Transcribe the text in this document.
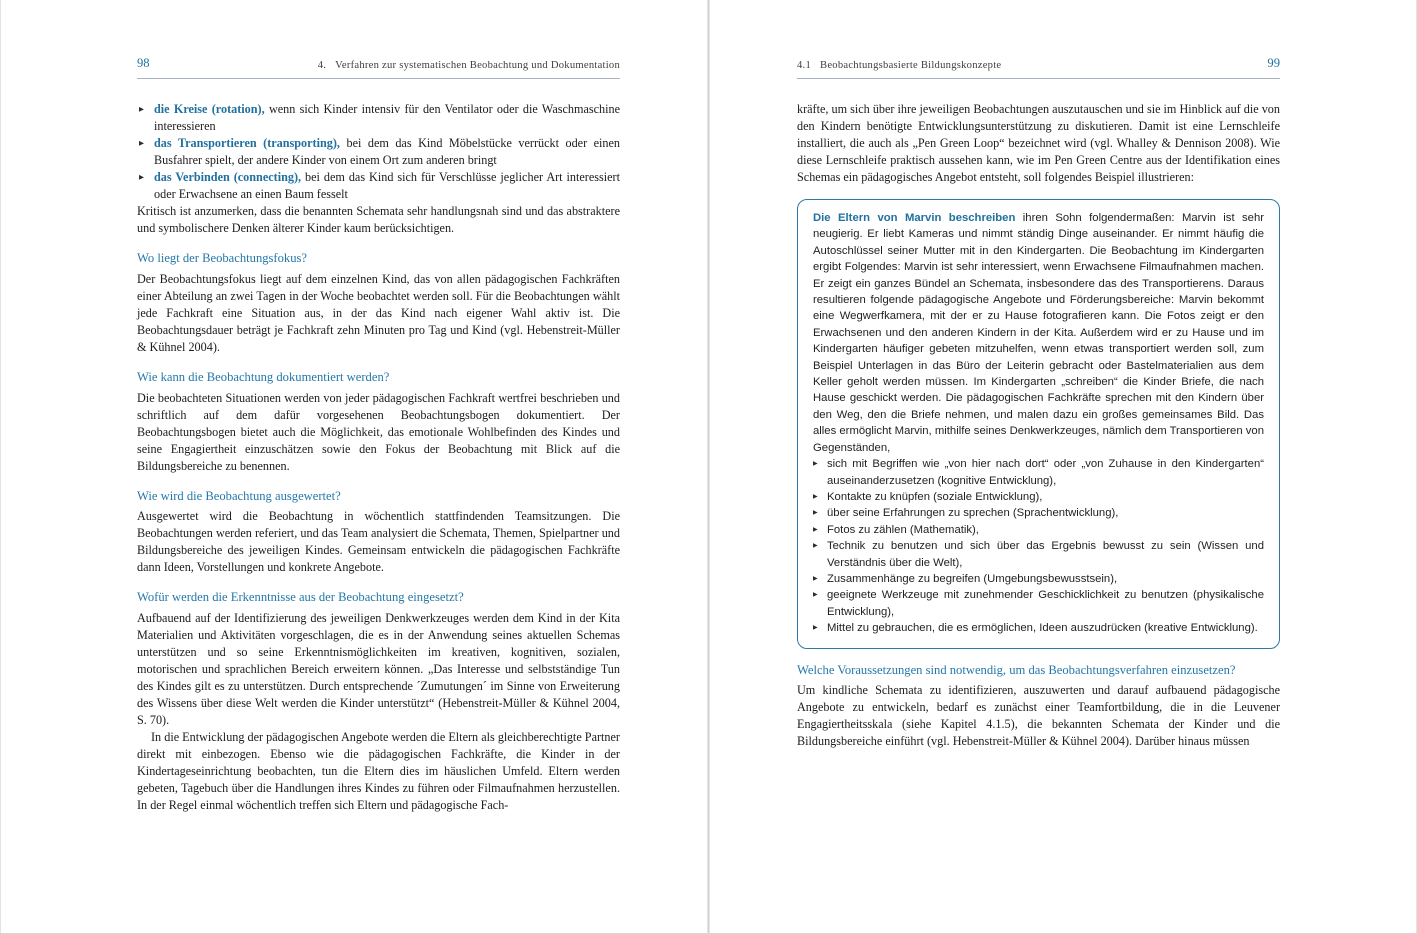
98	4. Verfahren zur systematischen Beobachtung und Dokumentation
▶ die Kreise (rotation), wenn sich Kinder intensiv für den Ventilator oder die Waschmaschine interessieren
▶ das Transportieren (transporting), bei dem das Kind Möbelstücke verrückt oder einen Busfahrer spielt, der andere Kinder von einem Ort zum anderen bringt
▶ das Verbinden (connecting), bei dem das Kind sich für Verschlüsse jeglicher Art interessiert oder Erwachsene an einen Baum fesselt

Kritisch ist anzumerken, dass die benannten Schemata sehr handlungsnah sind und das abstraktere und symbolischere Denken älterer Kinder kaum berücksichtigen.

Wo liegt der Beobachtungsfokus?

Der Beobachtungsfokus liegt auf dem einzelnen Kind, das von allen pädagogischen Fachkräften einer Abteilung an zwei Tagen in der Woche beobachtet werden soll. Für die Beobachtungen wählt jede Fachkraft eine Situation aus, in der das Kind nach eigener Wahl aktiv ist. Die Beobachtungsdauer beträgt je Fachkraft zehn Minuten pro Tag und Kind (vgl. Hebenstreit-Müller & Kühnel 2004).

Wie kann die Beobachtung dokumentiert werden?

Die beobachteten Situationen werden von jeder pädagogischen Fachkraft wertfrei beschrieben und schriftlich auf dem dafür vorgesehenen Beobachtungsbogen dokumentiert. Der Beobachtungsbogen bietet auch die Möglichkeit, das emotionale Wohlbefinden des Kindes und seine Engagiertheit einzuschätzen sowie den Fokus der Beobachtung mit Blick auf die Bildungsbereiche zu benennen.

Wie wird die Beobachtung ausgewertet?

Ausgewertet wird die Beobachtung in wöchentlich stattfindenden Teamsitzungen. Die Beobachtungen werden referiert, und das Team analysiert die Schemata, Themen, Spielpartner und Bildungsbereiche des jeweiligen Kindes. Gemeinsam entwickeln die pädagogischen Fachkräfte dann Ideen, Vorstellungen und konkrete Angebote.

Wofür werden die Erkenntnisse aus der Beobachtung eingesetzt?

Aufbauend auf der Identifizierung des jeweiligen Denkwerkzeuges werden dem Kind in der Kita Materialien und Aktivitäten vorgeschlagen, die es in der Anwendung seines aktuellen Schemas unterstützen und so seine Erkenntnismöglichkeiten im kreativen, kognitiven, sozialen, motorischen und sprachlichen Bereich erweitern können. „Das Interesse und selbstständige Tun des Kindes gilt es zu unterstützen. Durch entsprechende ´Zumutungen´ im Sinne von Erweiterung des Wissens über diese Welt werden die Kinder unterstützt“ (Hebenstreit-Müller & Kühnel 2004, S. 70).

In die Entwicklung der pädagogischen Angebote werden die Eltern als gleichberechtigte Partner direkt mit einbezogen. Ebenso wie die pädagogischen Fachkräfte, die Kinder in der Kindertageseinrichtung beobachten, tun die Eltern dies im häuslichen Umfeld. Eltern werden gebeten, Tagebuch über die Handlungen ihres Kindes zu führen oder Filmaufnahmen herzustellen. In der Regel einmal wöchentlich treffen sich Eltern und pädagogische Fach-

4.1 Beobachtungsbasierte Bildungskonzepte	99

kräfte, um sich über ihre jeweiligen Beobachtungen auszutauschen und sie im Hinblick auf die von den Kindern benötigte Entwicklungsunterstützung zu diskutieren. Damit ist eine Lernschleife installiert, die auch als „Pen Green Loop“ bezeichnet wird (vgl. Whalley & Dennison 2008). Wie diese Lernschleife praktisch aussehen kann, wie im Pen Green Centre aus der Identifikation eines Schemas ein pädagogisches Angebot entsteht, soll folgendes Beispiel illustrieren:

Die Eltern von Marvin beschreiben ihren Sohn folgendermaßen: Marvin ist sehr neugierig. Er liebt Kameras und nimmt ständig Dinge auseinander. Er nimmt häufig die Autoschlüssel seiner Mutter mit in den Kindergarten. Die Beobachtung im Kindergarten ergibt Folgendes: Marvin ist sehr interessiert, wenn Erwachsene Filmaufnahmen machen. Er zeigt ein ganzes Bündel an Schemata, insbesondere das des Transportierens. Daraus resultieren folgende pädagogische Angebote und Förderungsbereiche: Marvin bekommt eine Wegwerfkamera, mit der er zu Hause fotografieren kann. Die Fotos zeigt er den Erwachsenen und den anderen Kindern in der Kita. Außerdem wird er zu Hause und im Kindergarten häufiger gebeten mitzuhelfen, wenn etwas transportiert werden soll, zum Beispiel Unterlagen in das Büro der Leiterin gebracht oder Bastelmaterialien aus dem Keller geholt werden müssen. Im Kindergarten „schreiben“ die Kinder Briefe, die nach Hause geschickt werden. Die pädagogischen Fachkräfte sprechen mit den Kindern über den Weg, den die Briefe nehmen, und malen dazu ein großes gemeinsames Bild. Das alles ermöglicht Marvin, mithilfe seines Denkwerkzeuges, nämlich dem Transportieren von Gegenständen,

▶ sich mit Begriffen wie „von hier nach dort“ oder „von Zuhause in den Kindergarten“ auseinanderzusetzen (kognitive Entwicklung),
▶ Kontakte zu knüpfen (soziale Entwicklung),
▶ über seine Erfahrungen zu sprechen (Sprachentwicklung),
▶ Fotos zu zählen (Mathematik),
▶ Technik zu benutzen und sich über das Ergebnis bewusst zu sein (Wissen und Verständnis über die Welt),
▶ Zusammenhänge zu begreifen (Umgebungsbewusstsein),
▶ geeignete Werkzeuge mit zunehmender Geschicklichkeit zu benutzen (physikalische Entwicklung),
▶ Mittel zu gebrauchen, die es ermöglichen, Ideen auszudrücken (kreative Entwicklung).
Welche Voraussetzungen sind notwendig, um das Beobachtungsverfahren einzusetzen?

Um kindliche Schemata zu identifizieren, auszuwerten und darauf aufbauend pädagogische Angebote zu entwickeln, bedarf es zunächst einer Teamfortbildung, die in die Leuvener Engagiertheitsskala (siehe Kapitel 4.1.5), die bekannten Schemata der Kinder und die Bildungsbereiche einführt (vgl. Hebenstreit-Müller & Kühnel 2004). Darüber hinaus müssen
